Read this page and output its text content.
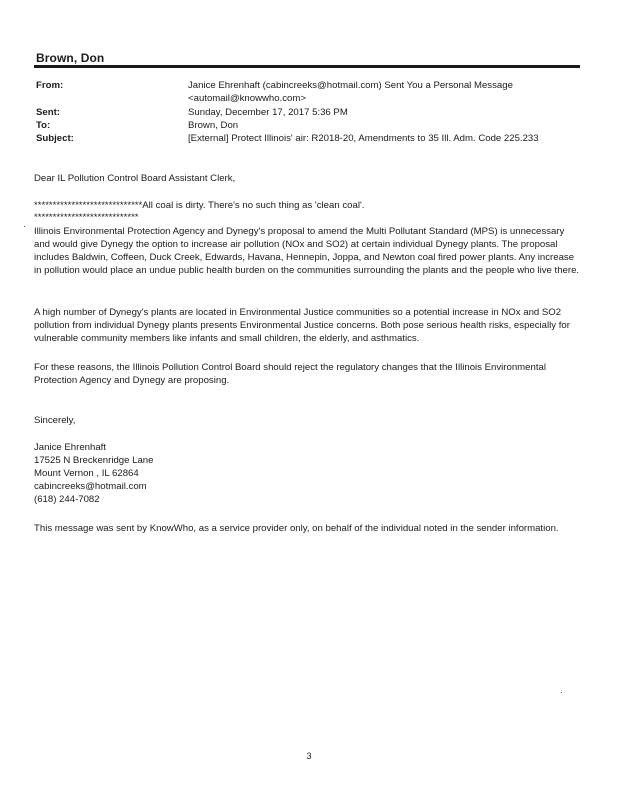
Brown, Don
From:	Janice Ehrenhaft (cabincreeks@hotmail.com) Sent You a Personal Message
<automail@knowwho.com>
Sent:	Sunday, December 17, 2017 5:36 PM
To:	Brown, Don
Subject:	[External] Protect Illinois' air: R2018-20, Amendments to 35 Ill. Adm. Code 225.233
Dear IL Pollution Control Board Assistant Clerk,
*****************************All coal is dirty. There's no such thing as 'clean coal'.
****************************

Illinois Environmental Protection Agency and Dynegy's proposal to amend the Multi Pollutant Standard (MPS) is unnecessary and would give Dynegy the option to increase air pollution (NOx and SO2) at certain individual Dynegy plants. The proposal includes Baldwin, Coffeen, Duck Creek, Edwards, Havana, Hennepin, Joppa, and Newton coal fired power plants. Any increase in pollution would place an undue public health burden on the communities surrounding the plants and the people who live there.

A high number of Dynegy's plants are located in Environmental Justice communities so a potential increase in NOx and SO2 pollution from individual Dynegy plants presents Environmental Justice concerns. Both pose serious health risks, especially for vulnerable community members like infants and small children, the elderly, and asthmatics.

For these reasons, the Illinois Pollution Control Board should reject the regulatory changes that the Illinois Environmental Protection Agency and Dynegy are proposing.

Sincerely,
Janice Ehrenhaft
17525 N Breckenridge Lane
Mount Vernon , IL 62864
cabincreeks@hotmail.com
(618) 244-7082

This message was sent by KnowWho, as a service provider only, on behalf of the individual noted in the sender information.

3
